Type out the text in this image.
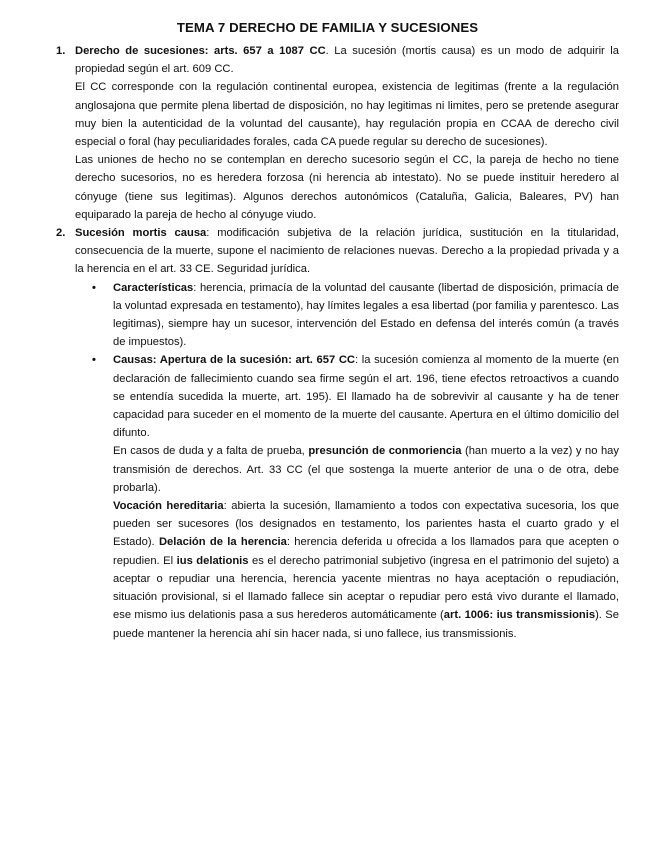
TEMA 7 DERECHO DE FAMILIA Y SUCESIONES
1. Derecho de sucesiones: arts. 657 a 1087 CC. La sucesión (mortis causa) es un modo de adquirir la propiedad según el art. 609 CC.

El CC corresponde con la regulación continental europea, existencia de legitimas (frente a la regulación anglosajona que permite plena libertad de disposición, no hay legitimas ni limites, pero se pretende asegurar muy bien la autenticidad de la voluntad del causante), hay regulación propia en CCAA de derecho civil especial o foral (hay peculiaridades forales, cada CA puede regular su derecho de sucesiones).

Las uniones de hecho no se contemplan en derecho sucesorio según el CC, la pareja de hecho no tiene derecho sucesorios, no es heredera forzosa (ni herencia ab intestato). No se puede instituir heredero al cónyuge (tiene sus legitimas). Algunos derechos autonómicos (Cataluña, Galicia, Baleares, PV) han equiparado la pareja de hecho al cónyuge viudo.

2. Sucesión mortis causa: modificación subjetiva de la relación jurídica, sustitución en la titularidad, consecuencia de la muerte, supone el nacimiento de relaciones nuevas. Derecho a la propiedad privada y a la herencia en el art. 33 CE. Seguridad jurídica.

• Características: herencia, primacía de la voluntad del causante (libertad de disposición, primacía de la voluntad expresada en testamento), hay límites legales a esa libertad (por familia y parentesco. Las legitimas), siempre hay un sucesor, intervención del Estado en defensa del interés común (a través de impuestos).

• Causas: Apertura de la sucesión: art. 657 CC: la sucesión comienza al momento de la muerte (en declaración de fallecimiento cuando sea firme según el art. 196, tiene efectos retroactivos a cuando se entendía sucedida la muerte, art. 195). El llamado ha de sobrevivir al causante y ha de tener capacidad para suceder en el momento de la muerte del causante. Apertura en el último domicilio del difunto.

En casos de duda y a falta de prueba, presunción de conmoriencia (han muerto a la vez) y no hay transmisión de derechos. Art. 33 CC (el que sostenga la muerte anterior de una o de otra, debe probarla).

Vocación hereditaria: abierta la sucesión, llamamiento a todos con expectativa sucesoria, los que pueden ser sucesores (los designados en testamento, los parientes hasta el cuarto grado y el Estado). Delación de la herencia: herencia deferida u ofrecida a los llamados para que acepten o repudien. El ius delationis es el derecho patrimonial subjetivo (ingresa en el patrimonio del sujeto) a aceptar o repudiar una herencia, herencia yacente mientras no haya aceptación o repudiación, situación provisional, si el llamado fallece sin aceptar o repudiar pero está vivo durante el llamado, ese mismo ius delationis pasa a sus herederos automáticamente (art. 1006: ius transmissionis). Se puede mantener la herencia ahí sin hacer nada, si uno fallece, ius transmissionis.
